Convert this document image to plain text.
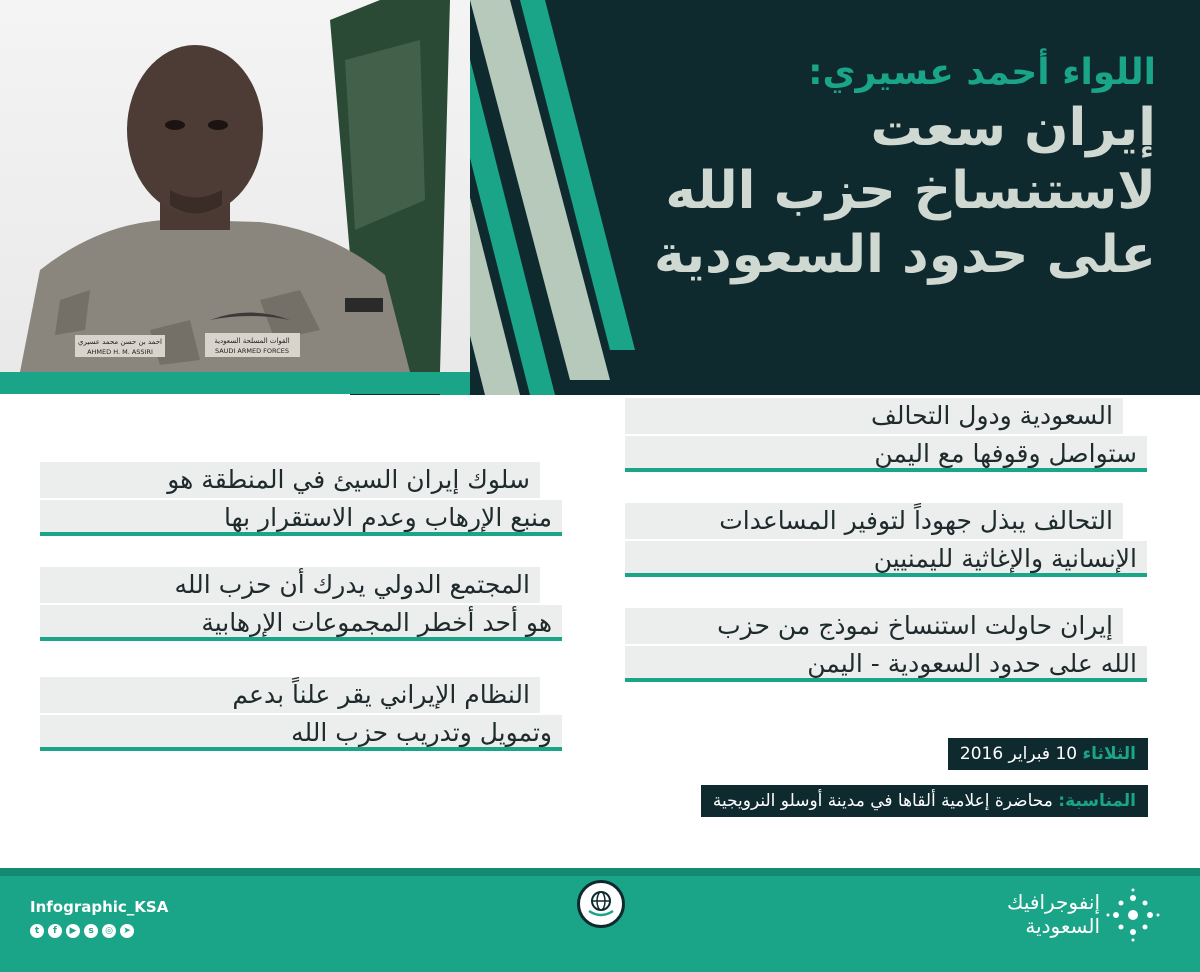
احمد بن حسن محمد عسيري
AHMED H. M. ASSIRI
القوات المسلحة السعودية
SAUDI ARMED FORCES
اللواء أحمد عسيري:
إيران سعت
لاستنساخ حزب الله
على حدود السعودية
السعودية ودول التحالف
ستواصل وقوفها مع اليمن
التحالف يبذل جهوداً لتوفير المساعدات
الإنسانية والإغاثية لليمنيين
إيران حاولت استنساخ نموذج من حزب
الله على حدود السعودية - اليمن
سلوك إيران السيئ في المنطقة هو
منبع الإرهاب وعدم الاستقرار بها
المجتمع الدولي يدرك أن حزب الله
هو أحد أخطر المجموعات الإرهابية
النظام الإيراني يقر علناً بدعم
وتمويل وتدريب حزب الله
الثلاثاء 10 فبراير 2016
المناسبة: محاضرة إعلامية ألقاها في مدينة أوسلو النرويجية
Infographic_KSA
t	f	▶	s	◎	➤
إنفوجرافيك
السعودية
